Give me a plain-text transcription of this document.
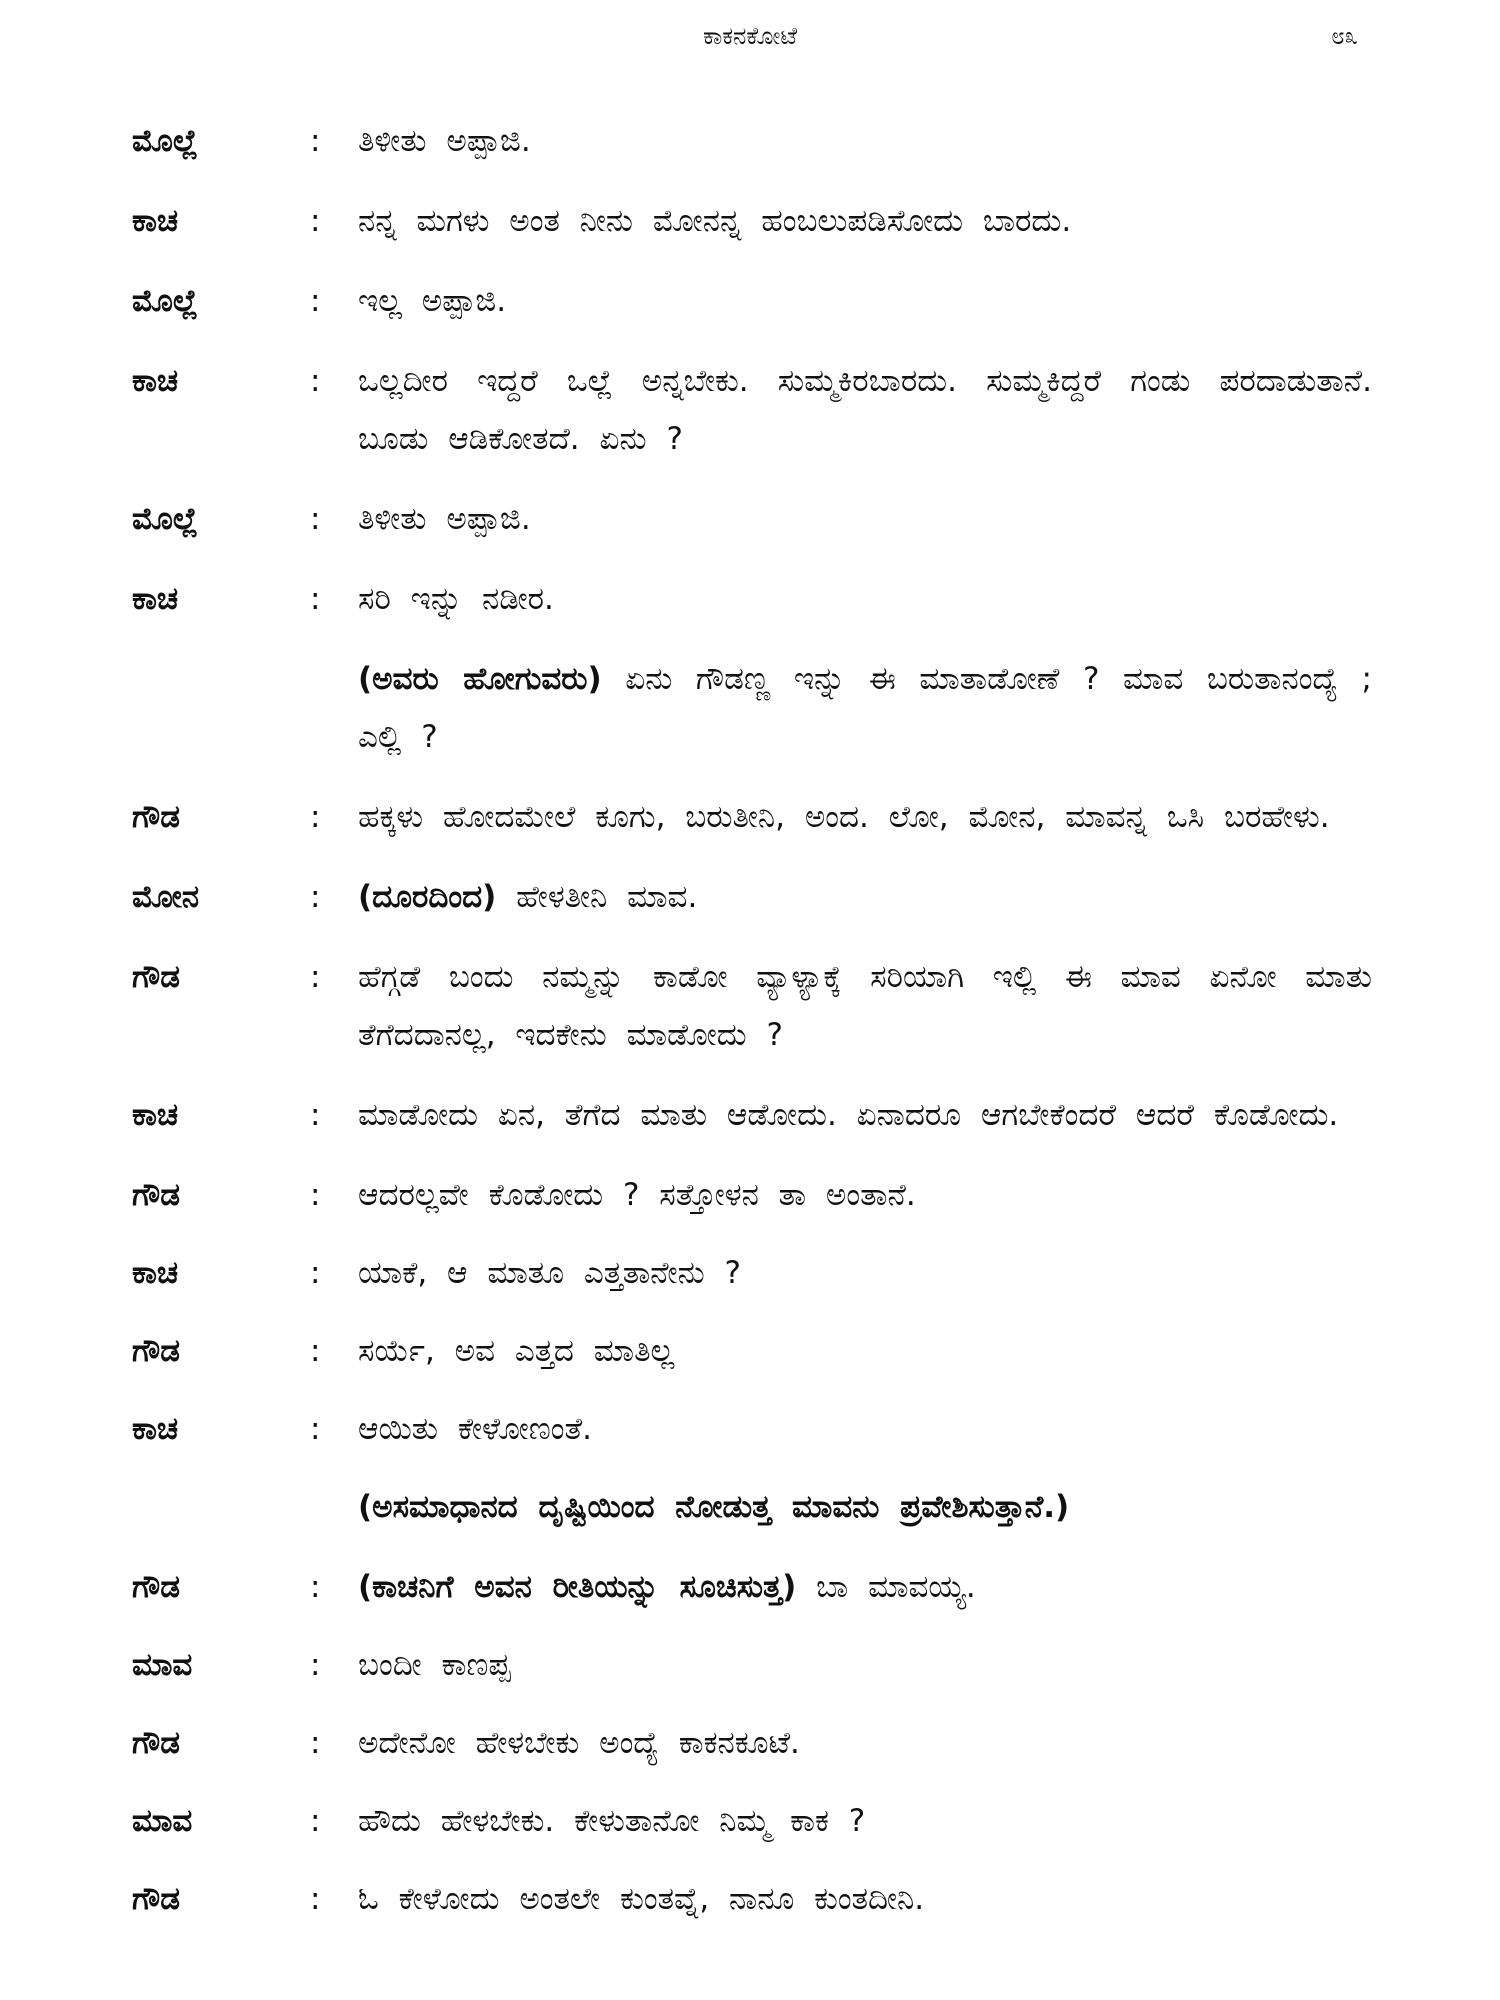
ಕಾಕನಕೋಟೆ	೮೩
ಮೊಲ್ಲೆ	:	ತಿಳೀತು ಅಪ್ಪಾಜಿ.
ಕಾಚ	:	ನನ್ನ ಮಗಳು ಅಂತ ನೀನು ಮೋನನ್ನ ಹಂಬಲುಪಡಿಸೋದು ಬಾರದು.
ಮೊಲ್ಲೆ	:	ಇಲ್ಲ ಅಪ್ಪಾಜಿ.
ಕಾಚ	:	ಒಲ್ಲದೀರ ಇದ್ದರೆ ಒಲ್ಲೆ ಅನ್ನಬೇಕು. ಸುಮ್ಮಕಿರಬಾರದು. ಸುಮ್ಮಕಿದ್ದರೆ ಗಂಡು ಪರದಾಡುತಾನೆ. ಬೂಡು ಆಡಿಕೋತದೆ. ಏನು ?
ಮೊಲ್ಲೆ	:	ತಿಳೀತು ಅಪ್ಪಾಜಿ.
ಕಾಚ	:	ಸರಿ ಇನ್ನು ನಡೀರ.
(ಅವರು ಹೋಗುವರು) ಏನು ಗೌಡಣ್ಣ ಇನ್ನು ಈ ಮಾತಾಡೋಣೆ ? ಮಾವ ಬರುತಾನಂದ್ಯೆ ; ಎಲ್ಲಿ ?
ಗೌಡ	:	ಹಕ್ಕಳು ಹೋದಮೇಲೆ ಕೂಗು, ಬರುತೀನಿ, ಅಂದ. ಲೋ, ಮೋನ, ಮಾವನ್ನ ಒಸಿ ಬರಹೇಳು.
ಮೋನ	:	(ದೂರದಿಂದ) ಹೇಳತೀನಿ ಮಾವ.
ಗೌಡ	:	ಹೆಗ್ಗಡೆ ಬಂದು ನಮ್ಮನ್ನು ಕಾಡೋ ವ್ಯಾಳ್ಯಾಕ್ಕೆ ಸರಿಯಾಗಿ ಇಲ್ಲಿ ಈ ಮಾವ ಏನೋ ಮಾತು ತೆಗೆದದಾನಲ್ಲ, ಇದಕೇನು ಮಾಡೋದು ?
ಕಾಚ	:	ಮಾಡೋದು ಏನ, ತೆಗೆದ ಮಾತು ಆಡೋದು. ಏನಾದರೂ ಆಗಬೇಕೆಂದರೆ ಆದರೆ ಕೊಡೋದು.
ಗೌಡ	:	ಆದರಲ್ಲವೇ ಕೊಡೋದು ? ಸತ್ತೋಳನ ತಾ ಅಂತಾನೆ.
ಕಾಚ	:	ಯಾಕೆ, ಆ ಮಾತೂ ಎತ್ತತಾನೇನು ?
ಗೌಡ	:	ಸರ್ಯೆ, ಅವ ಎತ್ತದ ಮಾತಿಲ್ಲ
ಕಾಚ	:	ಆಯಿತು ಕೇಳೋಣಂತೆ.
(ಅಸಮಾಧಾನದ ದೃಷ್ಟಿಯಿಂದ ನೋಡುತ್ತ ಮಾವನು ಪ್ರವೇಶಿಸುತ್ತಾನೆ.)
ಗೌಡ	:	(ಕಾಚನಿಗೆ ಅವನ ರೀತಿಯನ್ನು ಸೂಚಿಸುತ್ತ) ಬಾ ಮಾವಯ್ಯ.
ಮಾವ	:	ಬಂದೀ ಕಾಣಪ್ಪ
ಗೌಡ	:	ಅದೇನೋ ಹೇಳಬೇಕು ಅಂದ್ಯೆ ಕಾಕನಕೂಟೆ.
ಮಾವ	:	ಹೌದು ಹೇಳಬೇಕು. ಕೇಳುತಾನೋ ನಿಮ್ಮ ಕಾಕ ?
ಗೌಡ	:	ಓ ಕೇಳೋದು ಅಂತಲೇ ಕುಂತವ್ನೆ, ನಾನೂ ಕುಂತದೀನಿ.
